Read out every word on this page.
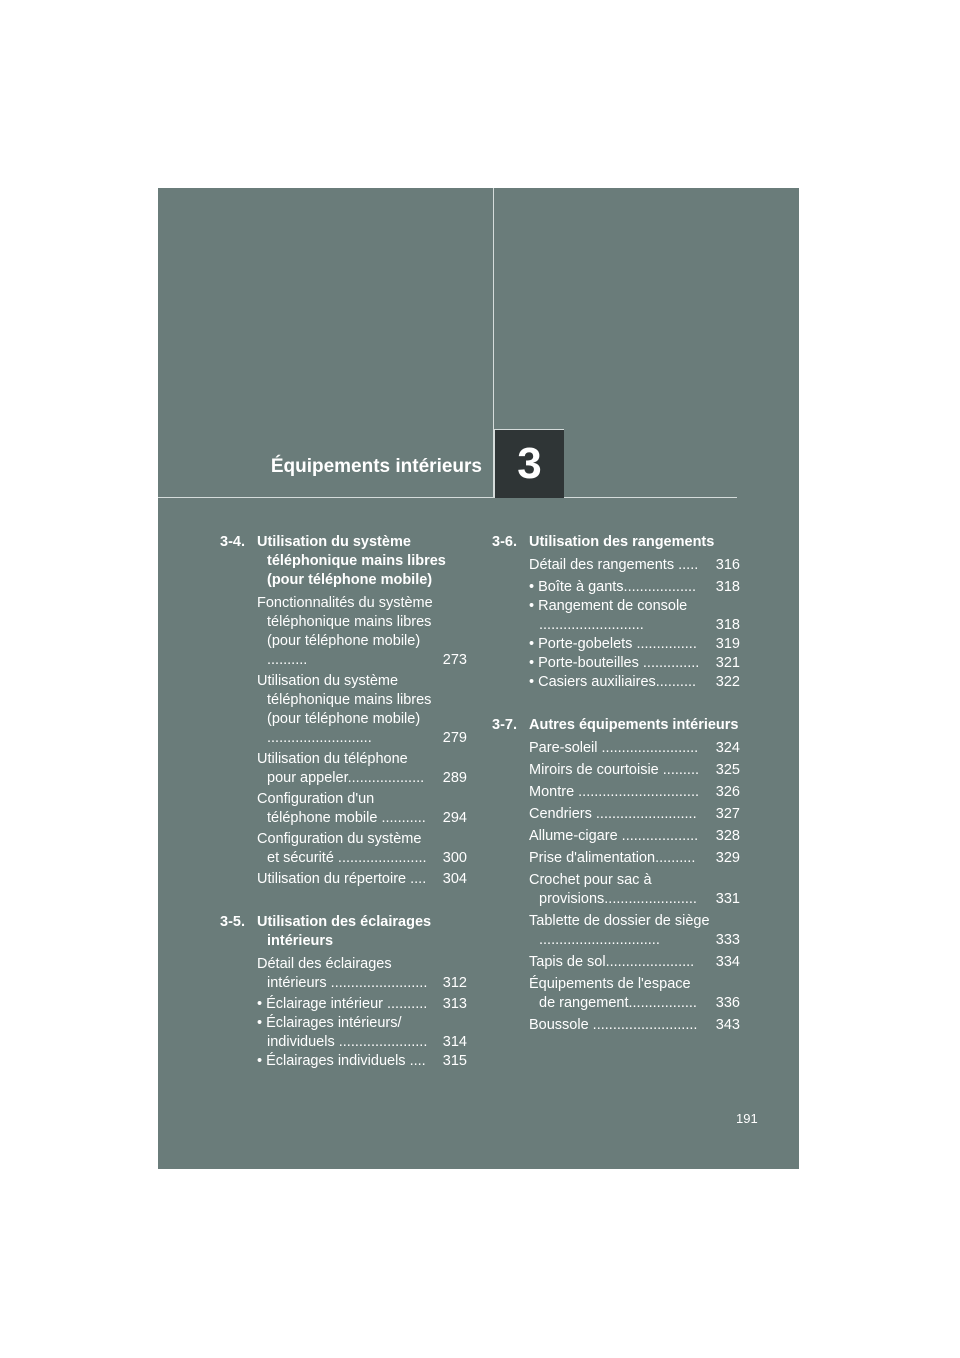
Équipements intérieurs 3
3-4. Utilisation du système téléphonique mains libres (pour téléphone mobile)
Fonctionnalités du système téléphonique mains libres (pour téléphone mobile) ..........	273
Utilisation du système téléphonique mains libres (pour téléphone mobile) ..........................	279
Utilisation du téléphone pour appeler...................	289
Configuration d'un téléphone mobile ...........	294
Configuration du système et sécurité ......................	300
Utilisation du répertoire ....	304
3-5. Utilisation des éclairages intérieurs
Détail des éclairages intérieurs ........................	312
• Éclairage intérieur ..........	313
• Éclairages intérieurs/ individuels ......................	314
• Éclairages individuels ....	315
3-6. Utilisation des rangements
Détail des rangements .....	316
• Boîte à gants..................	318
• Rangement de console ..........................	318
• Porte-gobelets ...............	319
• Porte-bouteilles ..............	321
• Casiers auxiliaires..........	322
3-7. Autres équipements intérieurs
Pare-soleil ........................	324
Miroirs de courtoisie .........	325
Montre ..............................	326
Cendriers .........................	327
Allume-cigare ...................	328
Prise d'alimentation..........	329
Crochet pour sac à provisions.......................	331
Tablette de dossier de siège ..............................	333
Tapis de sol......................	334
Équipements de l'espace de rangement.................	336
Boussole ..........................	343
191
